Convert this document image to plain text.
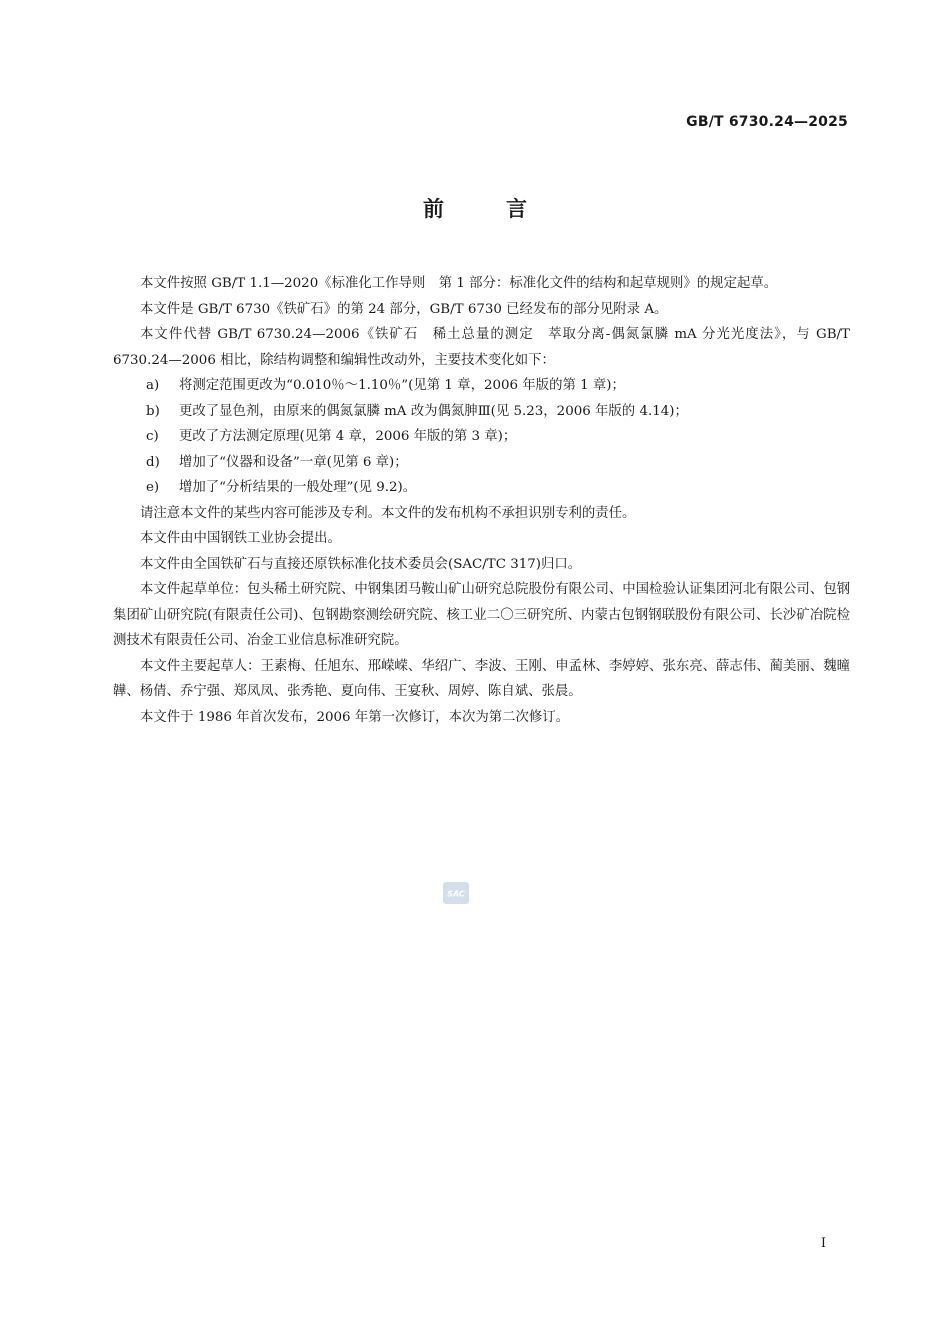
GB/T 6730.24—2025
前言

本文件按照 GB/T 1.1—2020《标准化工作导则　第 1 部分：标准化文件的结构和起草规则》的规定起草。

本文件是 GB/T 6730《铁矿石》的第 24 部分，GB/T 6730 已经发布的部分见附录 A。

本文件代替 GB/T 6730.24—2006《铁矿石　稀土总量的测定　萃取分离-偶氮氯膦 mA 分光光度法》，与 GB/T 6730.24—2006 相比，除结构调整和编辑性改动外，主要技术变化如下：

a)	将测定范围更改为“0.010％～1.10％”(见第 1 章，2006 年版的第 1 章)；
b)	更改了显色剂，由原来的偶氮氯膦 mA 改为偶氮胂Ⅲ(见 5.23，2006 年版的 4.14)；
c)	更改了方法测定原理(见第 4 章，2006 年版的第 3 章)；
d)	增加了“仪器和设备”一章(见第 6 章)；
e)	增加了“分析结果的一般处理”(见 9.2)。

请注意本文件的某些内容可能涉及专利。本文件的发布机构不承担识别专利的责任。

本文件由中国钢铁工业协会提出。

本文件由全国铁矿石与直接还原铁标准化技术委员会(SAC/TC 317)归口。

本文件起草单位：包头稀土研究院、中钢集团马鞍山矿山研究总院股份有限公司、中国检验认证集团河北有限公司、包钢集团矿山研究院(有限责任公司)、包钢勘察测绘研究院、核工业二〇三研究所、内蒙古包钢钢联股份有限公司、长沙矿冶院检测技术有限责任公司、冶金工业信息标准研究院。

本文件主要起草人：王素梅、任旭东、邢嵘嵘、华绍广、李波、王刚、申孟林、李婷婷、张东亮、薛志伟、蔺美丽、魏曈韡、杨倩、乔宁强、郑凤凤、张秀艳、夏向伟、王宴秋、周婷、陈自斌、张晨。

本文件于 1986 年首次发布，2006 年第一次修订，本次为第二次修订。

SAC
I
